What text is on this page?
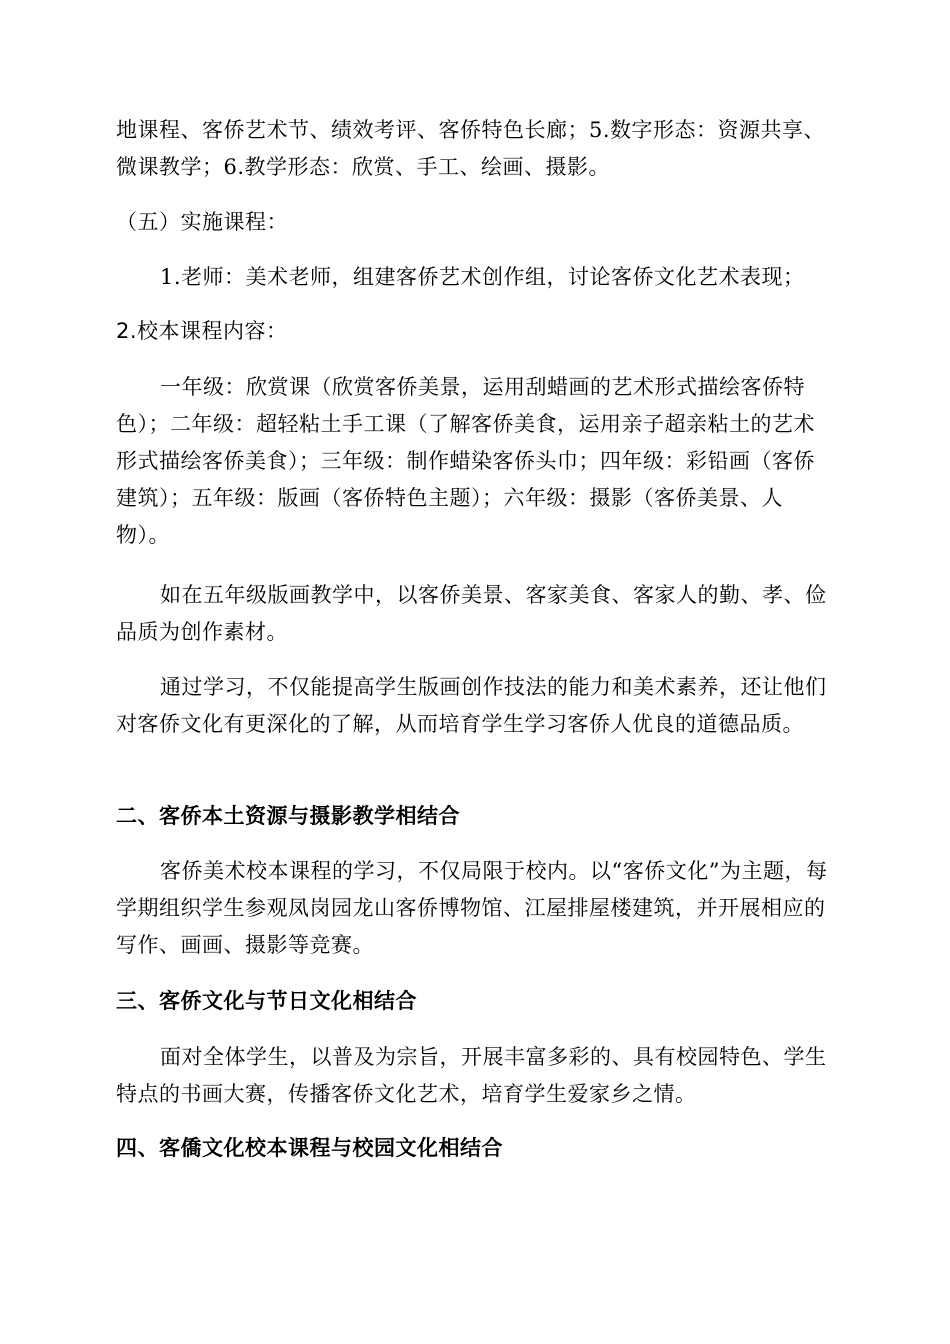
地课程、客侨艺术节、绩效考评、客侨特色长廊；5.数字形态：资源共享、微课教学；6.教学形态：欣赏、手工、绘画、摄影。

（五）实施课程：

1.老师：美术老师，组建客侨艺术创作组，讨论客侨文化艺术表现；

2.校本课程内容：

一年级：欣赏课（欣赏客侨美景，运用刮蜡画的艺术形式描绘客侨特色）；二年级：超轻粘土手工课（了解客侨美食，运用亲子超亲粘土的艺术形式描绘客侨美食）；三年级：制作蜡染客侨头巾；四年级：彩铅画（客侨建筑）；五年级：版画（客侨特色主题）；六年级：摄影（客侨美景、人物）。

如在五年级版画教学中，以客侨美景、客家美食、客家人的勤、孝、俭品质为创作素材。

通过学习，不仅能提高学生版画创作技法的能力和美术素养，还让他们对客侨文化有更深化的了解，从而培育学生学习客侨人优良的道德品质。

二、客侨本土资源与摄影教学相结合

客侨美术校本课程的学习，不仅局限于校内。以“客侨文化”为主题，每学期组织学生参观凤岗园龙山客侨博物馆、江屋排屋楼建筑，并开展相应的写作、画画、摄影等竞赛。

三、客侨文化与节日文化相结合

面对全体学生，以普及为宗旨，开展丰富多彩的、具有校园特色、学生特点的书画大赛，传播客侨文化艺术，培育学生爱家乡之情。

四、客僑文化校本课程与校园文化相结合
